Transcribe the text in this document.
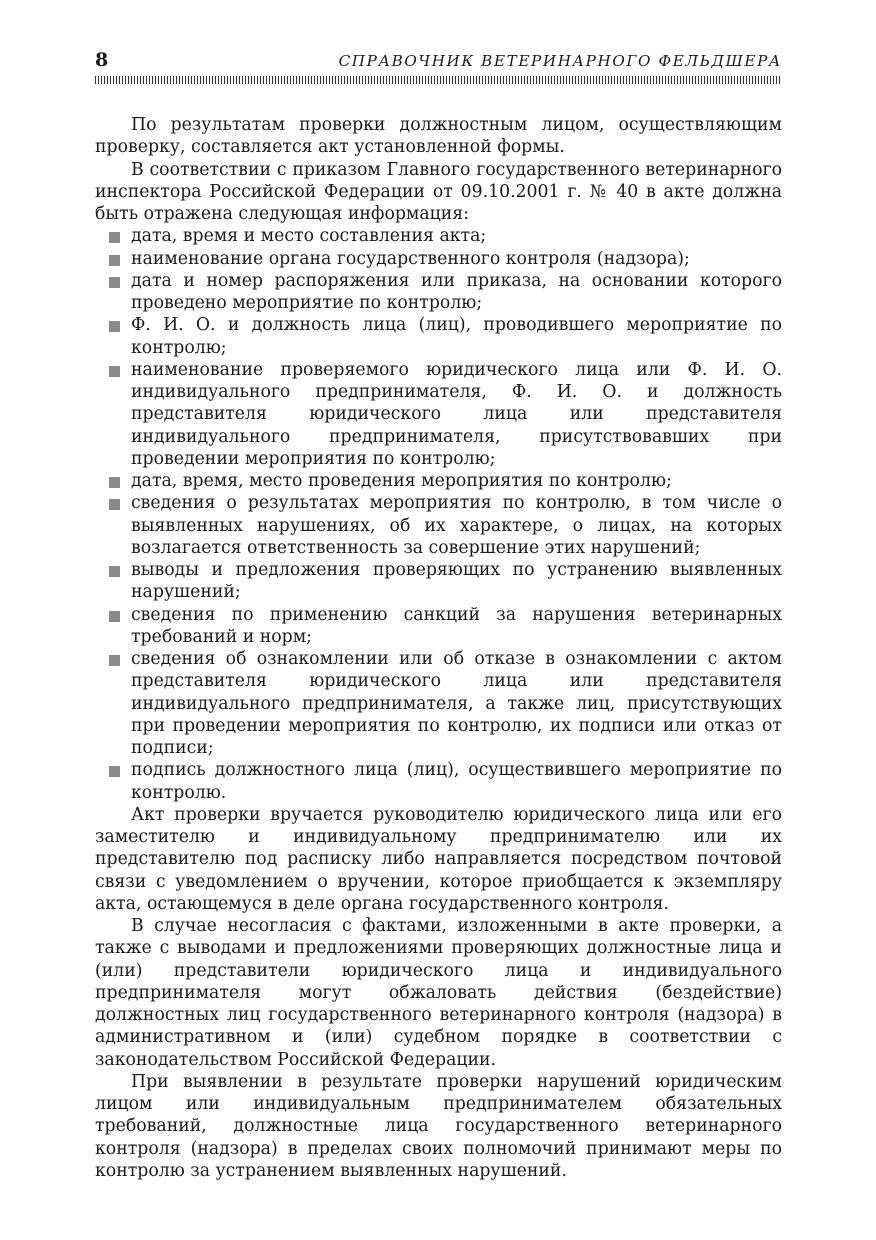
8	СПРАВОЧНИК ВЕТЕРИНАРНОГО ФЕЛЬДШЕРА

По результатам проверки должностным лицом, осуществляющим проверку, составляется акт установленной формы.

В соответствии с приказом Главного государственного ветеринарного инспектора Российской Федерации от 09.10.2001 г. № 40 в акте должна быть отражена следующая информация:

дата, время и место составления акта;
наименование органа государственного контроля (надзора);
дата и номер распоряжения или приказа, на основании которого проведено мероприятие по контролю;
Ф. И. О. и должность лица (лиц), проводившего мероприятие по контролю;
наименование проверяемого юридического лица или Ф. И. О. индивидуального предпринимателя, Ф. И. О. и должность представителя юридического лица или представителя индивидуального предпринимателя, присутствовавших при проведении мероприятия по контролю;
дата, время, место проведения мероприятия по контролю;
сведения о результатах мероприятия по контролю, в том числе о выявленных нарушениях, об их характере, о лицах, на которых возлагается ответственность за совершение этих нарушений;
выводы и предложения проверяющих по устранению выявленных нарушений;
сведения по применению санкций за нарушения ветеринарных требований и норм;
сведения об ознакомлении или об отказе в ознакомлении с актом представителя юридического лица или представителя индивидуального предпринимателя, а также лиц, присутствующих при проведении мероприятия по контролю, их подписи или отказ от подписи;
подпись должностного лица (лиц), осуществившего мероприятие по контролю.

Акт проверки вручается руководителю юридического лица или его заместителю и индивидуальному предпринимателю или их представителю под расписку либо направляется посредством почтовой связи с уведомлением о вручении, которое приобщается к экземпляру акта, остающемуся в деле органа государственного контроля.

В случае несогласия с фактами, изложенными в акте проверки, а также с выводами и предложениями проверяющих должностные лица и (или) представители юридического лица и индивидуального предпринимателя могут обжаловать действия (бездействие) должностных лиц государственного ветеринарного контроля (надзора) в административном и (или) судебном порядке в соответствии с законодательством Российской Федерации.

При выявлении в результате проверки нарушений юридическим лицом или индивидуальным предпринимателем обязательных требований, должностные лица государственного ветеринарного контроля (надзора) в пределах своих полномочий принимают меры по контролю за устранением выявленных нарушений.
